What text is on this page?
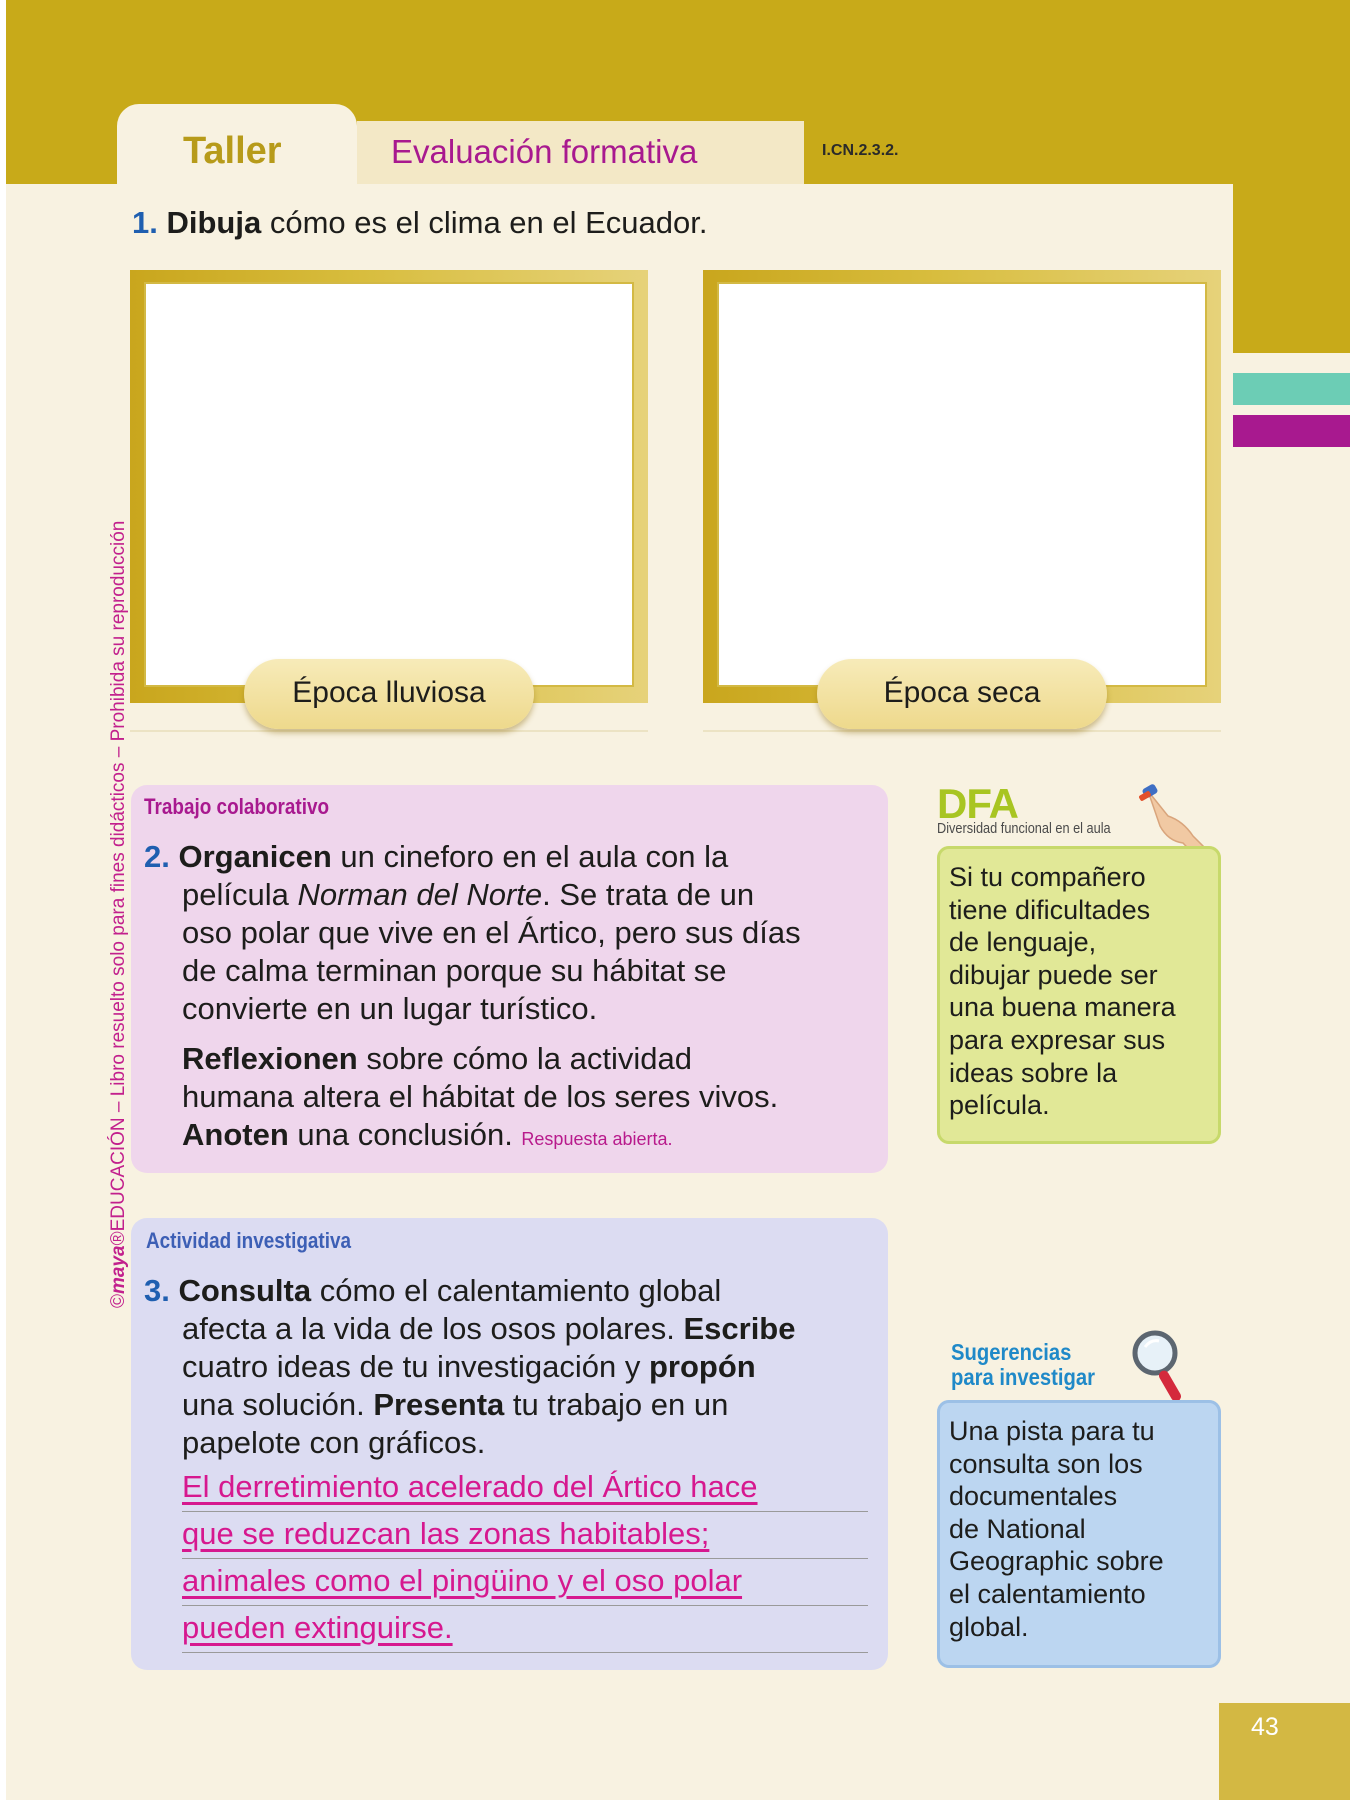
Taller	Evaluación formativa	I.CN.2.3.2.
1. Dibuja cómo es el clima en el Ecuador.
Época lluviosa	Época seca
Trabajo colaborativo
2. Organicen un cineforo en el aula con la
película Norman del Norte. Se trata de un
oso polar que vive en el Ártico, pero sus días
de calma terminan porque su hábitat se
convierte en un lugar turístico.
Reflexionen sobre cómo la actividad
humana altera el hábitat de los seres vivos.
Anoten una conclusión. Respuesta abierta.
DFA
Diversidad funcional en el aula
Si tu compañero
tiene dificultades
de lenguaje,
dibujar puede ser
una buena manera
para expresar sus
ideas sobre la
película.
Actividad investigativa
3. Consulta cómo el calentamiento global
afecta a la vida de los osos polares. Escribe
cuatro ideas de tu investigación y propón
una solución. Presenta tu trabajo en un
papelote con gráficos.
El derretimiento acelerado del Ártico hace
que se reduzcan las zonas habitables;
animales como el pingüino y el oso polar
pueden extinguirse.
Sugerencias
para investigar
Una pista para tu
consulta son los
documentales
de National
Geographic sobre
el calentamiento
global.
©maya®EDUCACIÓN – Libro resuelto solo para fines didácticos – Prohibida su reproducción
43
